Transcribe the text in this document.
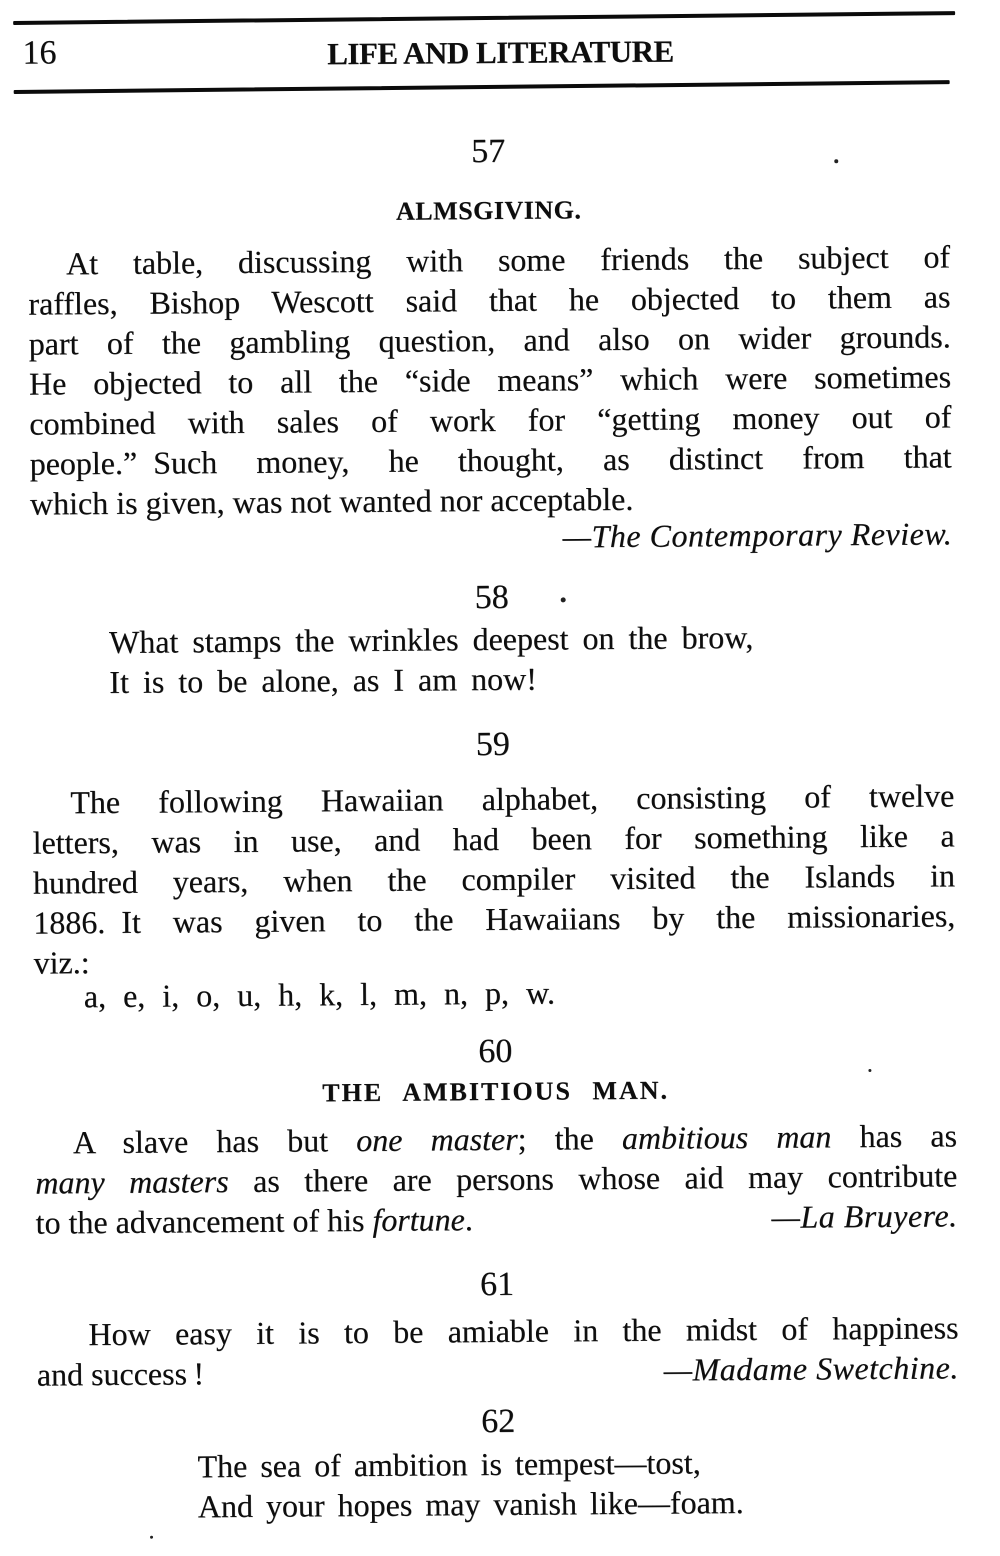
16	LIFE AND LITERATURE
57
ALMSGIVING.
At table, discussing with some friends the subject of
raffles, Bishop Wescott said that he objected to them as
part of the gambling question, and also on wider grounds.
He objected to all the “side means” which were sometimes
combined with sales of work for “getting money out of
people.” Such money, he thought, as distinct from that
which is given, was not wanted nor acceptable.
—The Contemporary Review.
58
What stamps the wrinkles deepest on the brow,
It is to be alone, as I am now!
59
The following Hawaiian alphabet, consisting of twelve
letters, was in use, and had been for something like a
hundred years, when the compiler visited the Islands in
1886. It was given to the Hawaiians by the missionaries,
viz.:
a, e, i, o, u, h, k, l, m, n, p, w.
60
THE AMBITIOUS MAN.
A slave has but one master; the ambitious man has as
many masters as there are persons whose aid may contribute
—La Bruyere.
to the advancement of his fortune.
61
How easy it is to be amiable in the midst of happiness
—Madame Swetchine.
and success !
62
The sea of ambition is tempest—tost,
And your hopes may vanish like—foam.
